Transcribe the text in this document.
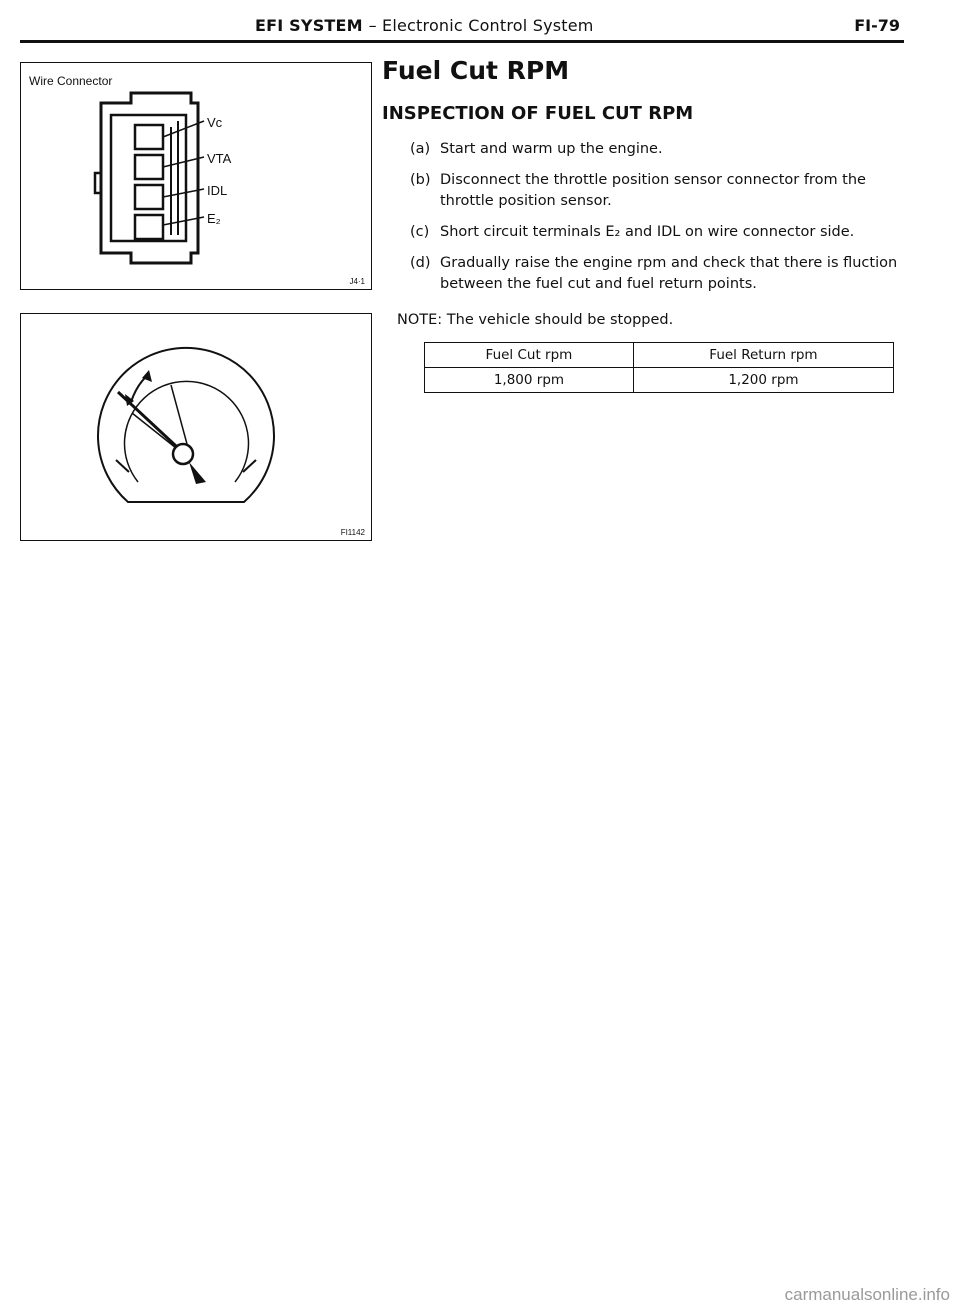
EFI SYSTEM – Electronic Control System	FI-79
Wire Connector
Vc
VTA
IDL
E₂
J4·1
FI1142
Fuel Cut RPM
INSPECTION OF FUEL CUT RPM
(a) Start and warm up the engine.
(b) Disconnect the throttle position sensor connector from the throttle position sensor.
(c) Short circuit terminals E₂ and IDL on wire connector side.
(d) Gradually raise the engine rpm and check that there is fluction between the fuel cut and fuel return points.
NOTE: The vehicle should be stopped.
Fuel Cut rpm	Fuel Return rpm
1,800 rpm	1,200 rpm
carmanualsonline.info
